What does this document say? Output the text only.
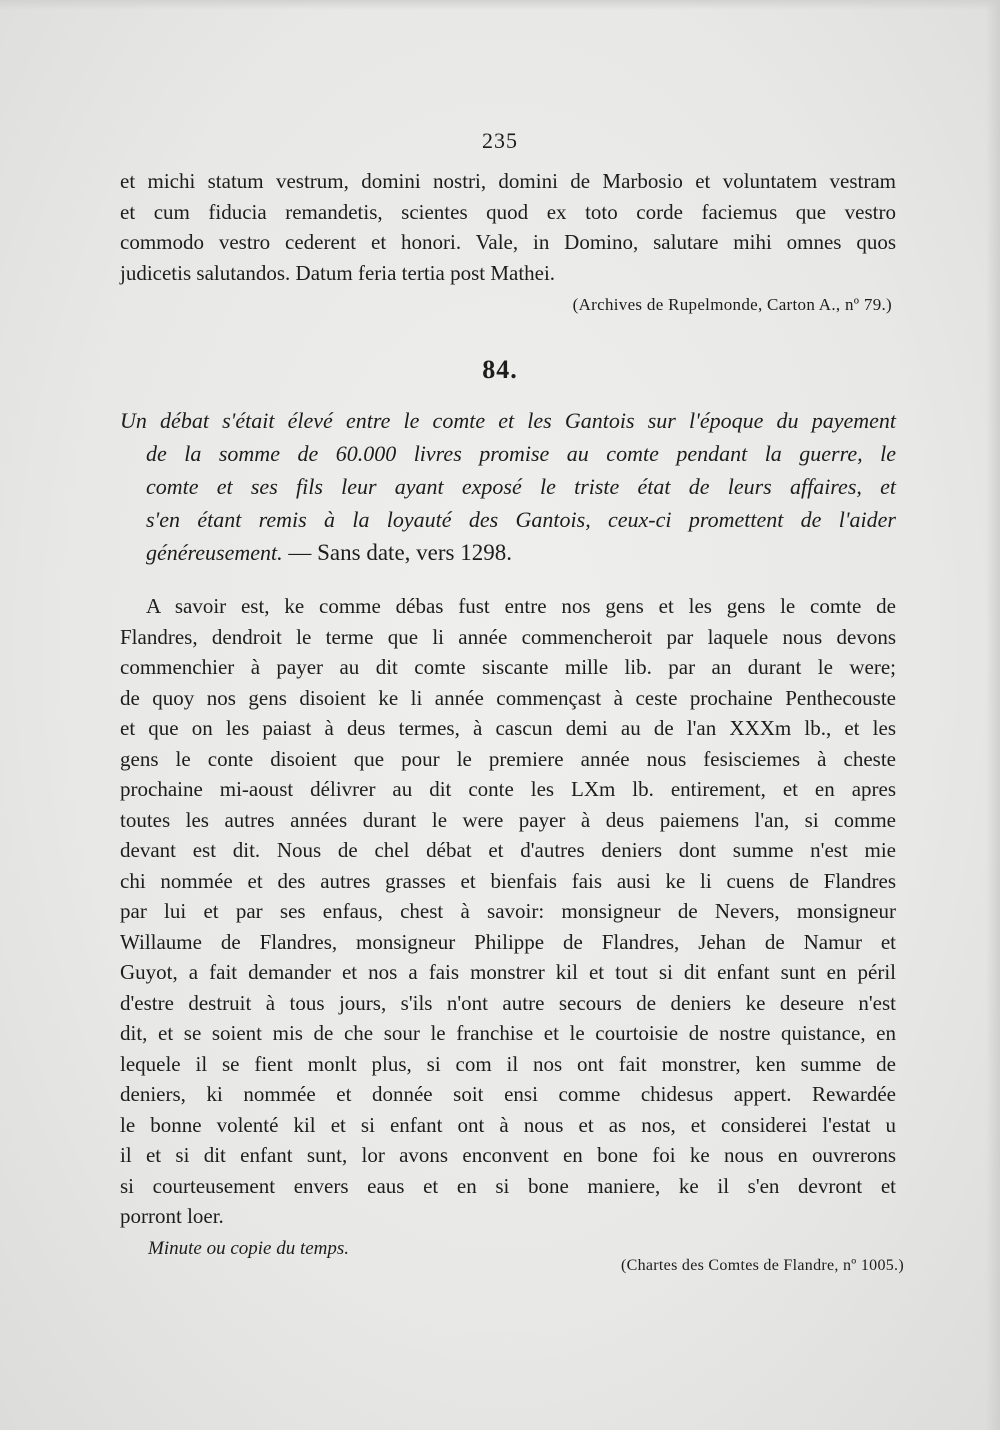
235
et michi statum vestrum, domini nostri, domini de Marbosio et voluntatem vestram
et cum fiducia remandetis, scientes quod ex toto corde faciemus que vestro
commodo vestro cederent et honori. Vale, in Domino, salutare mihi omnes quos
judicetis salutandos. Datum feria tertia post Mathei.
(Archives de Rupelmonde, Carton A., nº 79.)
84.
Un débat s'était élevé entre le comte et les Gantois sur l'époque du payement
de la somme de 60.000 livres promise au comte pendant la guerre, le
comte et ses fils leur ayant exposé le triste état de leurs affaires, et
s'en étant remis à la loyauté des Gantois, ceux-ci promettent de l'aider
généreusement. — Sans date, vers 1298.
A savoir est, ke comme débas fust entre nos gens et les gens le comte de
Flandres, dendroit le terme que li année commencheroit par laquele nous devons
commenchier à payer au dit comte siscante mille lib. par an durant le were;
de quoy nos gens disoient ke li année commençast à ceste prochaine Penthecouste
et que on les paiast à deus termes, à cascun demi au de l'an XXXm lb., et les
gens le conte disoient que pour le premiere année nous fesisciemes à cheste
prochaine mi-aoust délivrer au dit conte les LXm lb. entirement, et en apres
toutes les autres années durant le were payer à deus paiemens l'an, si comme
devant est dit. Nous de chel débat et d'autres deniers dont summe n'est mie
chi nommée et des autres grasses et bienfais fais ausi ke li cuens de Flandres
par lui et par ses enfaus, chest à savoir: monsigneur de Nevers, monsigneur
Willaume de Flandres, monsigneur Philippe de Flandres, Jehan de Namur et
Guyot, a fait demander et nos a fais monstrer kil et tout si dit enfant sunt en péril
d'estre destruit à tous jours, s'ils n'ont autre secours de deniers ke deseure n'est
dit, et se soient mis de che sour le franchise et le courtoisie de nostre quistance, en
lequele il se fient monlt plus, si com il nos ont fait monstrer, ken summe de
deniers, ki nommée et donnée soit ensi comme chidesus appert. Rewardée
le bonne volenté kil et si enfant ont à nous et as nos, et considerei l'estat u
il et si dit enfant sunt, lor avons enconvent en bone foi ke nous en ouvrerons
si courteusement envers eaus et en si bone maniere, ke il s'en devront et
porront loer.
Minute ou copie du temps.
(Chartes des Comtes de Flandre, nº 1005.)
